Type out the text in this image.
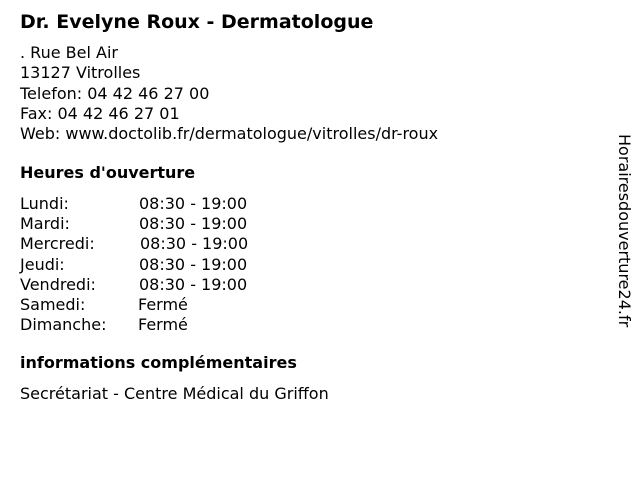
Dr. Evelyne Roux - Dermatologue
. Rue Bel Air
13127 Vitrolles
Telefon: 04 42 46 27 00
Fax: 04 42 46 27 01
Web: www.doctolib.fr/dermatologue/vitrolles/dr-roux
Heures d'ouverture
Lundi:	08:30 - 19:00
Mardi:	08:30 - 19:00
Mercredi:	08:30 - 19:00
Jeudi:	08:30 - 19:00
Vendredi:	08:30 - 19:00
Samedi:	Fermé
Dimanche: Fermé
informations complémentaires
Secrétariat - Centre Médical du Griffon
Horairesdouverture24.fr
